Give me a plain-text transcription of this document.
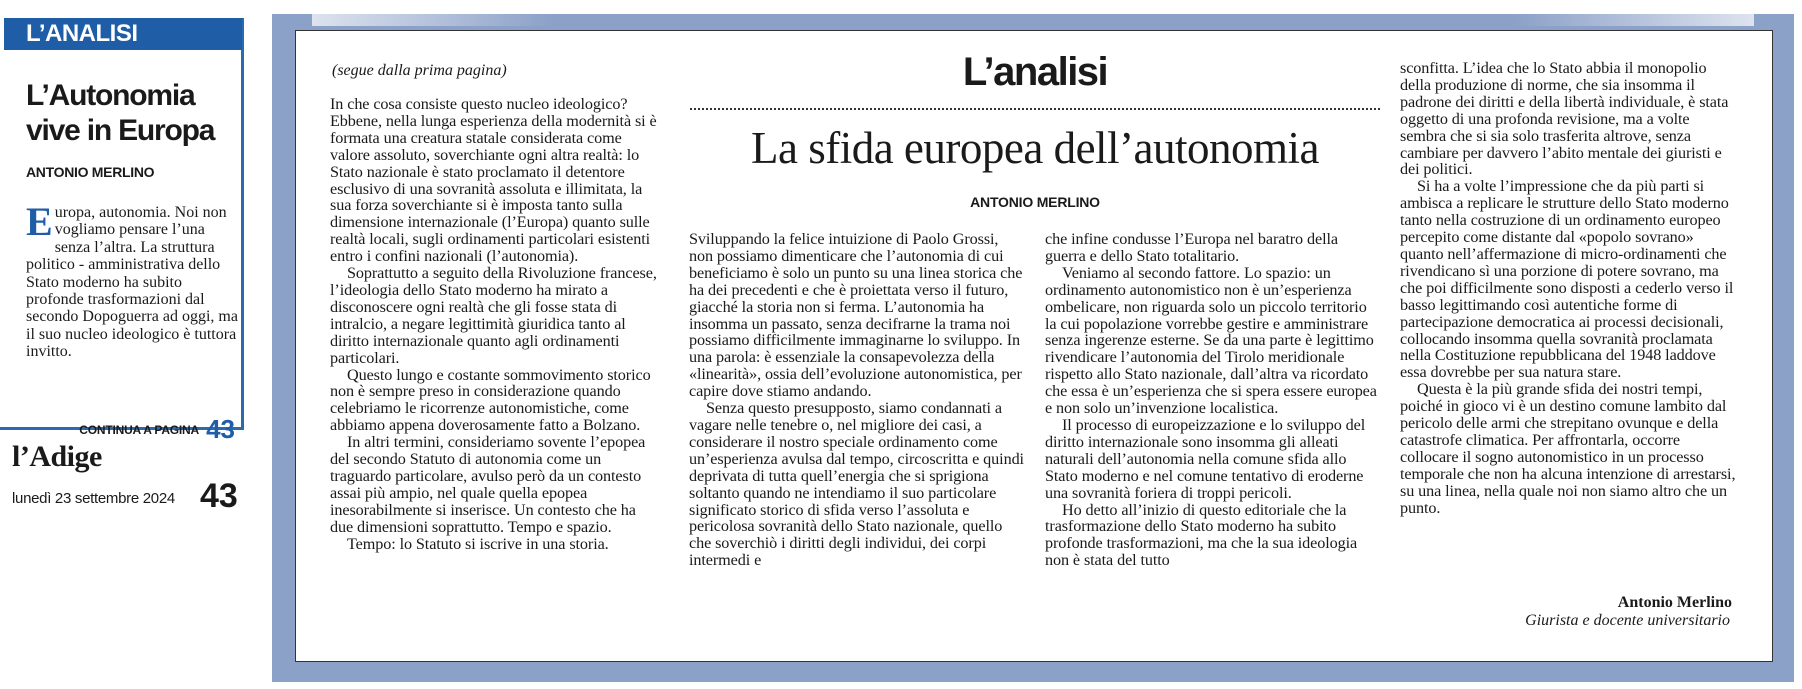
L’ANALISI
L’Autonomia vive in Europa
ANTONIO MERLINO
Europa, autonomia. Noi non vogliamo pensare l’una senza l’altra. La struttura politico - amministrativa dello Stato moderno ha subito profonde trasformazioni dal secondo Dopoguerra ad oggi, ma il suo nucleo ideologico è tuttora invitto.
CONTINUA A PAGINA 43
l’Adige
lunedì 23 settembre 2024 43
(segue dalla prima pagina)	L’analisi
La sfida europea dell’autonomia
ANTONIO MERLINO

In che cosa consiste questo nucleo ideologico? Ebbene, nella lunga esperienza della modernità si è formata una creatura statale considerata come valore assoluto, soverchiante ogni altra realtà: lo Stato nazionale è stato proclamato il detentore esclusivo di una sovranità assoluta e illimitata, la sua forza soverchiante si è imposta tanto sulla dimensione internazionale (l’Europa) quanto sulle realtà locali, sugli ordinamenti particolari esistenti entro i confini nazionali (l’autonomia).

Soprattutto a seguito della Rivoluzione francese, l’ideologia dello Stato moderno ha mirato a disconoscere ogni realtà che gli fosse stata di intralcio, a negare legittimità giuridica tanto al diritto internazionale quanto agli ordinamenti particolari.

Questo lungo e costante sommovimento storico non è sempre preso in considerazione quando celebriamo le ricorrenze autonomistiche, come abbiamo appena doverosamente fatto a Bolzano.

In altri termini, consideriamo sovente l’epopea del secondo Statuto di autonomia come un traguardo particolare, avulso però da un contesto assai più ampio, nel quale quella epopea inesorabilmente si inserisce. Un contesto che ha due dimensioni soprattutto. Tempo e spazio.

Tempo: lo Statuto si iscrive in una storia.

Sviluppando la felice intuizione di Paolo Grossi, non possiamo dimenticare che l’autonomia di cui beneficiamo è solo un punto su una linea storica che ha dei precedenti e che è proiettata verso il futuro, giacché la storia non si ferma. L’autonomia ha insomma un passato, senza decifrarne la trama noi possiamo difficilmente immaginarne lo sviluppo. In una parola: è essenziale la consapevolezza della «linearità», ossia dell’evoluzione autonomistica, per capire dove stiamo andando.

Senza questo presupposto, siamo condannati a vagare nelle tenebre o, nel migliore dei casi, a considerare il nostro speciale ordinamento come un’esperienza avulsa dal tempo, circoscritta e quindi deprivata di tutta quell’energia che si sprigiona soltanto quando ne intendiamo il suo particolare significato storico di sfida verso l’assoluta e pericolosa sovranità dello Stato nazionale, quello che soverchiò i diritti degli individui, dei corpi intermedi e

che infine condusse l’Europa nel baratro della guerra e dello Stato totalitario.

Veniamo al secondo fattore. Lo spazio: un ordinamento autonomistico non è un’esperienza ombelicare, non riguarda solo un piccolo territorio la cui popolazione vorrebbe gestire e amministrare senza ingerenze esterne. Se da una parte è legittimo rivendicare l’autonomia del Tirolo meridionale rispetto allo Stato nazionale, dall’altra va ricordato che essa è un’esperienza che si spera essere europea e non solo un’invenzione localistica.

Il processo di europeizzazione e lo sviluppo del diritto internazionale sono insomma gli alleati naturali dell’autonomia nella comune sfida allo Stato moderno e nel comune tentativo di eroderne una sovranità foriera di troppi pericoli.

Ho detto all’inizio di questo editoriale che la trasformazione dello Stato moderno ha subito profonde trasformazioni, ma che la sua ideologia non è stata del tutto

sconfitta. L’idea che lo Stato abbia il monopolio della produzione di norme, che sia insomma il padrone dei diritti e della libertà individuale, è stata oggetto di una profonda revisione, ma a volte sembra che si sia solo trasferita altrove, senza cambiare per davvero l’abito mentale dei giuristi e dei politici.

Si ha a volte l’impressione che da più parti si ambisca a replicare le strutture dello Stato moderno tanto nella costruzione di un ordinamento europeo percepito come distante dal «popolo sovrano» quanto nell’affermazione di micro-ordinamenti che rivendicano sì una porzione di potere sovrano, ma che poi difficilmente sono disposti a cederlo verso il basso legittimando così autentiche forme di partecipazione democratica ai processi decisionali, collocando insomma quella sovranità proclamata nella Costituzione repubblicana del 1948 laddove essa dovrebbe per sua natura stare.

Questa è la più grande sfida dei nostri tempi, poiché in gioco vi è un destino comune lambito dal pericolo delle armi che strepitano ovunque e della catastrofe climatica. Per affrontarla, occorre collocare il sogno autonomistico in un processo temporale che non ha alcuna intenzione di arrestarsi, su una linea, nella quale noi non siamo altro che un punto.

Antonio Merlino
Giurista e docente universitario
